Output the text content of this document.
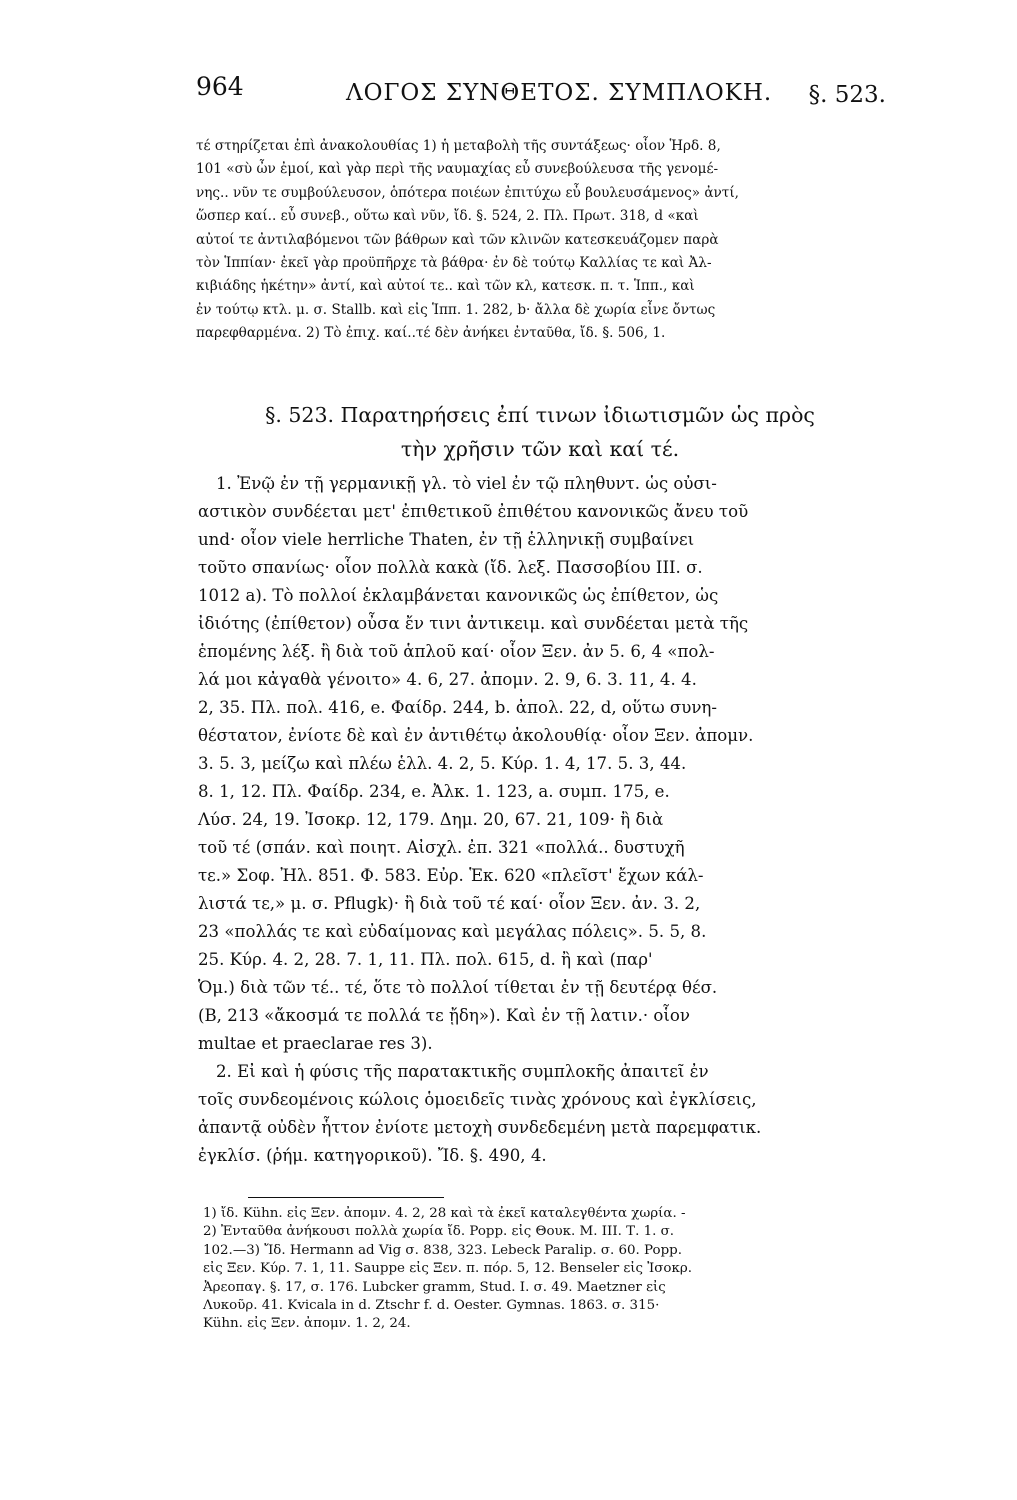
964	ΛΟΓΟΣ ΣΥΝΘΕΤΟΣ. ΣΥΜΠΛΟΚΗ. §. 523.
τέ στηρίζεται ἐπὶ ἀνακολουθίας 1) ἡ μεταβολὴ τῆς συντάξεως· οἷον Ἡρδ. 8,
101 «σὺ ὦν ἐμοί, καὶ γὰρ περὶ τῆς ναυμαχίας εὖ συνεβούλευσα τῆς γενομέ-
νης.. νῦν τε συμβούλευσον, ὁπότερα ποιέων ἐπιτύχω εὖ βουλευσάμενος» ἀντί,
ὥσπερ καί.. εὖ συνεβ., οὕτω καὶ νῦν, ἴδ. §. 524, 2. Πλ. Πρωτ. 318, d «καὶ
αὐτοί τε ἀντιλαβόμενοι τῶν βάθρων καὶ τῶν κλινῶν κατεσκευάζομεν παρὰ
τὸν Ἱππίαν· ἐκεῖ γὰρ προϋπῆρχε τὰ βάθρα· ἐν δὲ τούτῳ Καλλίας τε καὶ Ἀλ-
κιβιάδης ἡκέτην» ἀντί, καὶ αὐτοί τε.. καὶ τῶν κλ, κατεσκ. π. τ. Ἱππ., καὶ
ἐν τούτῳ κτλ. μ. σ. Stallb. καὶ εἰς Ἱππ. 1. 282, b· ἄλλα δὲ χωρία εἶνε ὄντως
παρεφθαρμένα. 2) Τὸ ἐπιχ. καί..τέ δὲν ἀνήκει ἐνταῦθα, ἴδ. §. 506, 1.
§. 523. Παρατηρήσεις ἐπί τινων ἰδιωτισμῶν ὡς πρὸς
τὴν χρῆσιν τῶν καὶ καί τέ.
1. Ἐνῷ ἐν τῇ γερμανικῇ γλ. τὸ viel ἐν τῷ πληθυντ. ὡς οὐσι-
αστικὸν συνδέεται μετ' ἐπιθετικοῦ ἐπιθέτου κανονικῶς ἄνευ τοῦ
und· οἷον viele herrliche Thaten, ἐν τῇ ἑλληνικῇ συμβαίνει
τοῦτο σπανίως· οἷον πολλὰ κακὰ (ἴδ. λεξ. Πασσοβίου ΙΙΙ. σ.
1012 a). Τὸ πολλοί ἐκλαμβάνεται κανονικῶς ὡς ἐπίθετον, ὡς
ἰδιότης (ἐπίθετον) οὖσα ἔν τινι ἀντικειμ. καὶ συνδέεται μετὰ τῆς
ἑπομένης λέξ. ἢ διὰ τοῦ ἁπλοῦ καί· οἷον Ξεν. ἀν 5. 6, 4 «πολ-
λά μοι κἀγαθὰ γένοιτο» 4. 6, 27. ἀπομν. 2. 9, 6. 3. 11, 4. 4.
2, 35. Πλ. πολ. 416, e. Φαίδρ. 244, b. ἀπολ. 22, d, οὕτω συνη-
θέστατον, ἐνίοτε δὲ καὶ ἐν ἀντιθέτῳ ἀκολουθίᾳ· οἷον Ξεν. ἀπομν.
3. 5. 3, μείζω καὶ πλέω ἑλλ. 4. 2, 5. Κύρ. 1. 4, 17. 5. 3, 44.
8. 1, 12. Πλ. Φαίδρ. 234, e. Ἀλκ. 1. 123, a. συμπ. 175, e.
Λύσ. 24, 19. Ἰσοκρ. 12, 179. Δημ. 20, 67. 21, 109· ἢ διὰ
τοῦ τέ (σπάν. καὶ ποιητ. Αἰσχλ. ἐπ. 321 «πολλά.. δυστυχῆ
τε.» Σοφ. Ἠλ. 851. Φ. 583. Εὐρ. Ἑκ. 620 «πλεῖστ' ἔχων κάλ-
λιστά τε,» μ. σ. Pflugk)· ἢ διὰ τοῦ τέ καί· οἷον Ξεν. ἀν. 3. 2,
23 «πολλάς τε καὶ εὐδαίμονας καὶ μεγάλας πόλεις». 5. 5, 8.
25. Κύρ. 4. 2, 28. 7. 1, 11. Πλ. πολ. 615, d. ἢ καὶ (παρ'
Ὁμ.) διὰ τῶν τέ.. τέ, ὅτε τὸ πολλοί τίθεται ἐν τῇ δευτέρᾳ θέσ.
(Β, 213 «ἄκοσμά τε πολλά τε ᾔδη»). Καὶ ἐν τῇ λατιν.· οἷον
multae et praeclarae res 3).
2. Εἰ καὶ ἡ φύσις τῆς παρατακτικῆς συμπλοκῆς ἀπαιτεῖ ἐν
τοῖς συνδεομένοις κώλοις ὁμοειδεῖς τινὰς χρόνους καὶ ἐγκλίσεις,
ἀπαντᾷ οὐδὲν ἧττον ἐνίοτε μετοχὴ συνδεδεμένη μετὰ παρεμφατικ.
ἐγκλίσ. (ῥήμ. κατηγορικοῦ). Ἴδ. §. 490, 4.
1) ἴδ. Kühn. εἰς Ξεν. ἀπομν. 4. 2, 28 καὶ τὰ ἐκεῖ καταλεγθέντα χωρία. -
2) Ἐνταῦθα ἀνήκουσι πολλὰ χωρία ἴδ. Popp. εἰς Θουκ. Μ. ΙΙΙ. Τ. 1. σ.
102.—3) Ἴδ. Hermann ad Vig σ. 838, 323. Lebeck Paralip. σ. 60. Popp.
εἰς Ξεν. Κύρ. 7. 1, 11. Sauppe εἰς Ξεν. π. πόρ. 5, 12. Benseler εἰς Ἰσοκρ.
Ἀρεοπαγ. §. 17, σ. 176. Lubcker gramm, Stud. I. σ. 49. Maetzner εἰς
Λυκοῦρ. 41. Kvicala in d. Ztschr f. d. Oester. Gymnas. 1863. σ. 315·
Kühn. εἰς Ξεν. ἀπομν. 1. 2, 24.
